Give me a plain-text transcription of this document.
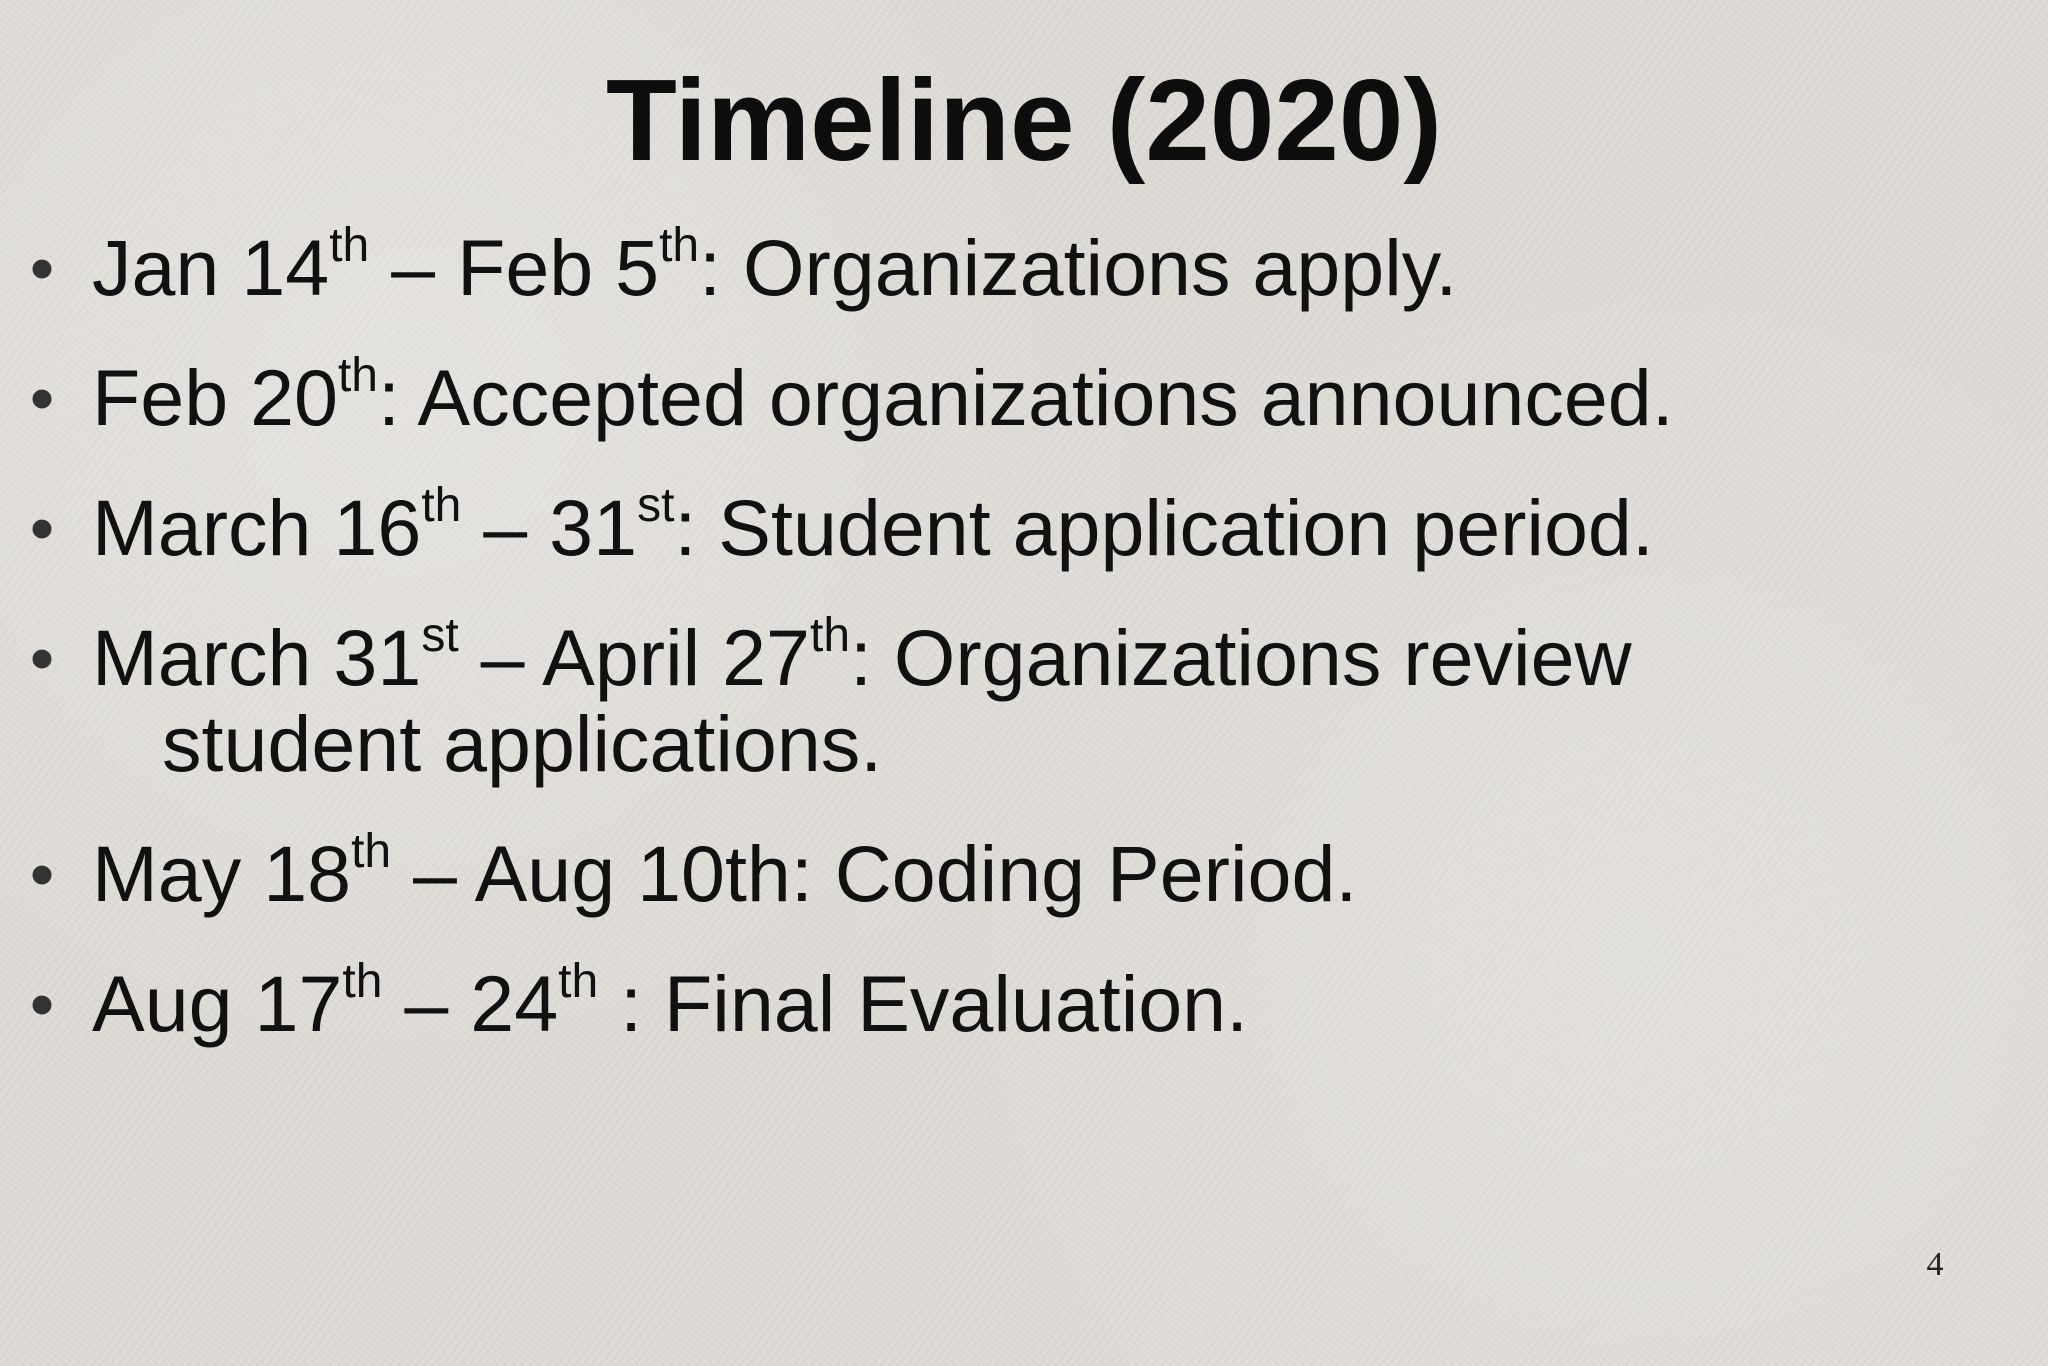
Timeline (2020)
• Jan 14th – Feb 5th: Organizations apply.
• Feb 20th: Accepted organizations announced.
• March 16th – 31st: Student application period.
• March 31st – April 27th: Organizations review
student applications.
• May 18th – Aug 10th: Coding Period.
• Aug 17th – 24th : Final Evaluation.
4
